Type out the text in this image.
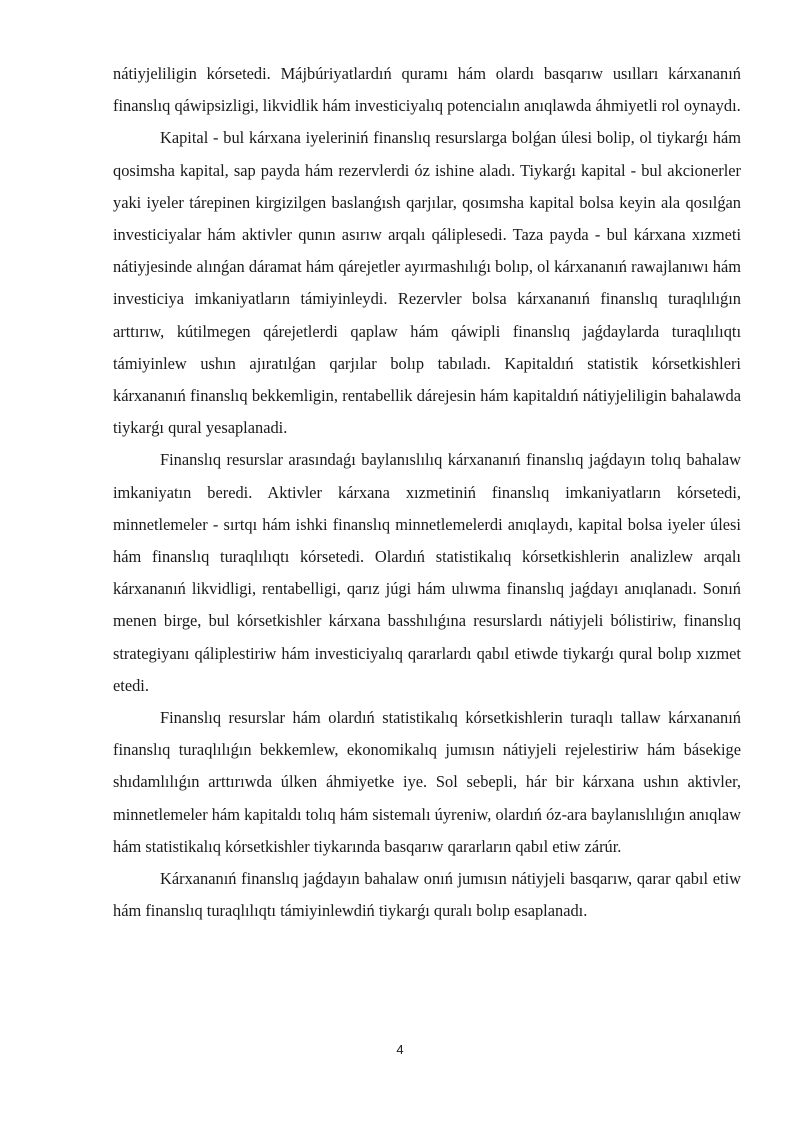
nátiyjeliligin kórsetedi. Májbúriyatlardıń quramı hám olardı basqarıw usılları kárxananıń finanslıq qáwipsizligi, likvidlik hám investiciyalıq potencialın anıqlawda áhmiyetli rol oynaydı.

Kapital - bul kárxana iyeleriniń finanslıq resurslarga bolǵan úlesi bolip, ol tiykarǵı hám qosimsha kapital, sap payda hám rezervlerdi óz ishine aladı. Tiykarǵı kapital - bul akcionerler yaki iyeler tárepinen kirgizilgen baslanǵısh qarjılar, qosımsha kapital bolsa keyin ala qosılǵan investiciyalar hám aktivler qunın asırıw arqalı qáliplesedi. Taza payda - bul kárxana xızmeti nátiyjesinde alınǵan dáramat hám qárejetler ayırmashılıǵı bolıp, ol kárxananıń rawajlanıwı hám investiciya imkaniyatların támiyinleydi. Rezervler bolsa kárxananıń finanslıq turaqlılıǵın arttırıw, kútilmegen qárejetlerdi qaplaw hám qáwipli finanslıq jaǵdaylarda turaqlılıqtı támiyinlew ushın ajıratılǵan qarjılar bolıp tabıladı. Kapitaldıń statistik kórsetkishleri kárxananıń finanslıq bekkemligin, rentabellik dárejesin hám kapitaldıń nátiyjeliligin bahalawda tiykarǵı qural yesaplanadi.

Finanslıq resurslar arasındaǵı baylanıslılıq kárxananıń finanslıq jaǵdayın tolıq bahalaw imkaniyatın beredi. Aktivler kárxana xızmetiniń finanslıq imkaniyatların kórsetedi, minnetlemeler - sırtqı hám ishki finanslıq minnetlemelerdi anıqlaydı, kapital bolsa iyeler úlesi hám finanslıq turaqlılıqtı kórsetedi. Olardıń statistikalıq kórsetkishlerin analizlew arqalı kárxananıń likvidligi, rentabelligi, qarız júgi hám ulıwma finanslıq jaǵdayı anıqlanadı. Sonıń menen birge, bul kórsetkishler kárxana basshılıǵına resurslardı nátiyjeli bólistiriw, finanslıq strategiyanı qáliplestiriw hám investiciyalıq qararlardı qabıl etiwde tiykarǵı qural bolıp xızmet etedi.

Finanslıq resurslar hám olardıń statistikalıq kórsetkishlerin turaqlı tallaw kárxananıń finanslıq turaqlılıǵın bekkemlew, ekonomikalıq jumısın nátiyjeli rejelestiriw hám básekige shıdamlılıǵın arttırıwda úlken áhmiyetke iye. Sol sebepli, hár bir kárxana ushın aktivler, minnetlemeler hám kapitaldı tolıq hám sistemalı úyreniw, olardıń óz-ara baylanıslılıǵın anıqlaw hám statistikalıq kórsetkishler tiykarında basqarıw qararların qabıl etiw zárúr.

Kárxananıń finanslıq jaǵdayın bahalaw onıń jumısın nátiyjeli basqarıw, qarar qabıl etiw hám finanslıq turaqlılıqtı támiyinlewdiń tiykarǵı quralı bolıp esaplanadı.

4
